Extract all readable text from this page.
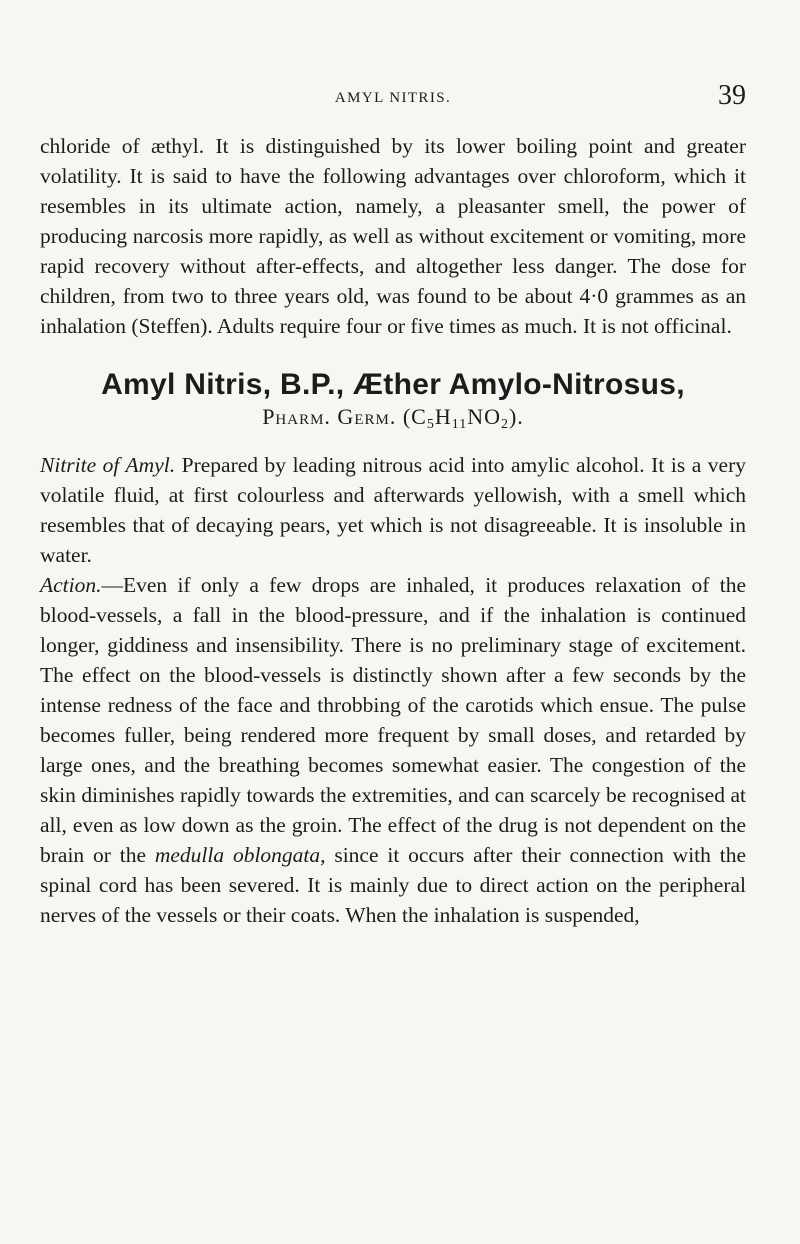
AMYL NITRIS.	39

chloride of æthyl. It is distinguished by its lower boiling point and greater volatility. It is said to have the following advantages over chloroform, which it resembles in its ultimate action, namely, a pleasanter smell, the power of producing narcosis more rapidly, as well as without excitement or vomiting, more rapid recovery without after-effects, and altogether less danger. The dose for children, from two to three years old, was found to be about 4·0 grammes as an inhalation (Steffen). Adults require four or five times as much. It is not officinal.

Amyl Nitris, B.P., Æther Amylo-Nitrosus,
Pharm. Germ. $(C_5H_{11}NO_2)$.

Nitrite of Amyl. Prepared by leading nitrous acid into amylic alcohol. It is a very volatile fluid, at first colourless and afterwards yellowish, with a smell which resembles that of decaying pears, yet which is not disagreeable. It is insoluble in water.

Action.—Even if only a few drops are inhaled, it produces relaxation of the blood-vessels, a fall in the blood-pressure, and if the inhalation is continued longer, giddiness and insensibility. There is no preliminary stage of excitement. The effect on the blood-vessels is distinctly shown after a few seconds by the intense redness of the face and throbbing of the carotids which ensue. The pulse becomes fuller, being rendered more frequent by small doses, and retarded by large ones, and the breathing becomes somewhat easier. The congestion of the skin diminishes rapidly towards the extremities, and can scarcely be recognised at all, even as low down as the groin. The effect of the drug is not dependent on the brain or the medulla oblongata, since it occurs after their connection with the spinal cord has been severed. It is mainly due to direct action on the peripheral nerves of the vessels or their coats. When the inhalation is suspended,
